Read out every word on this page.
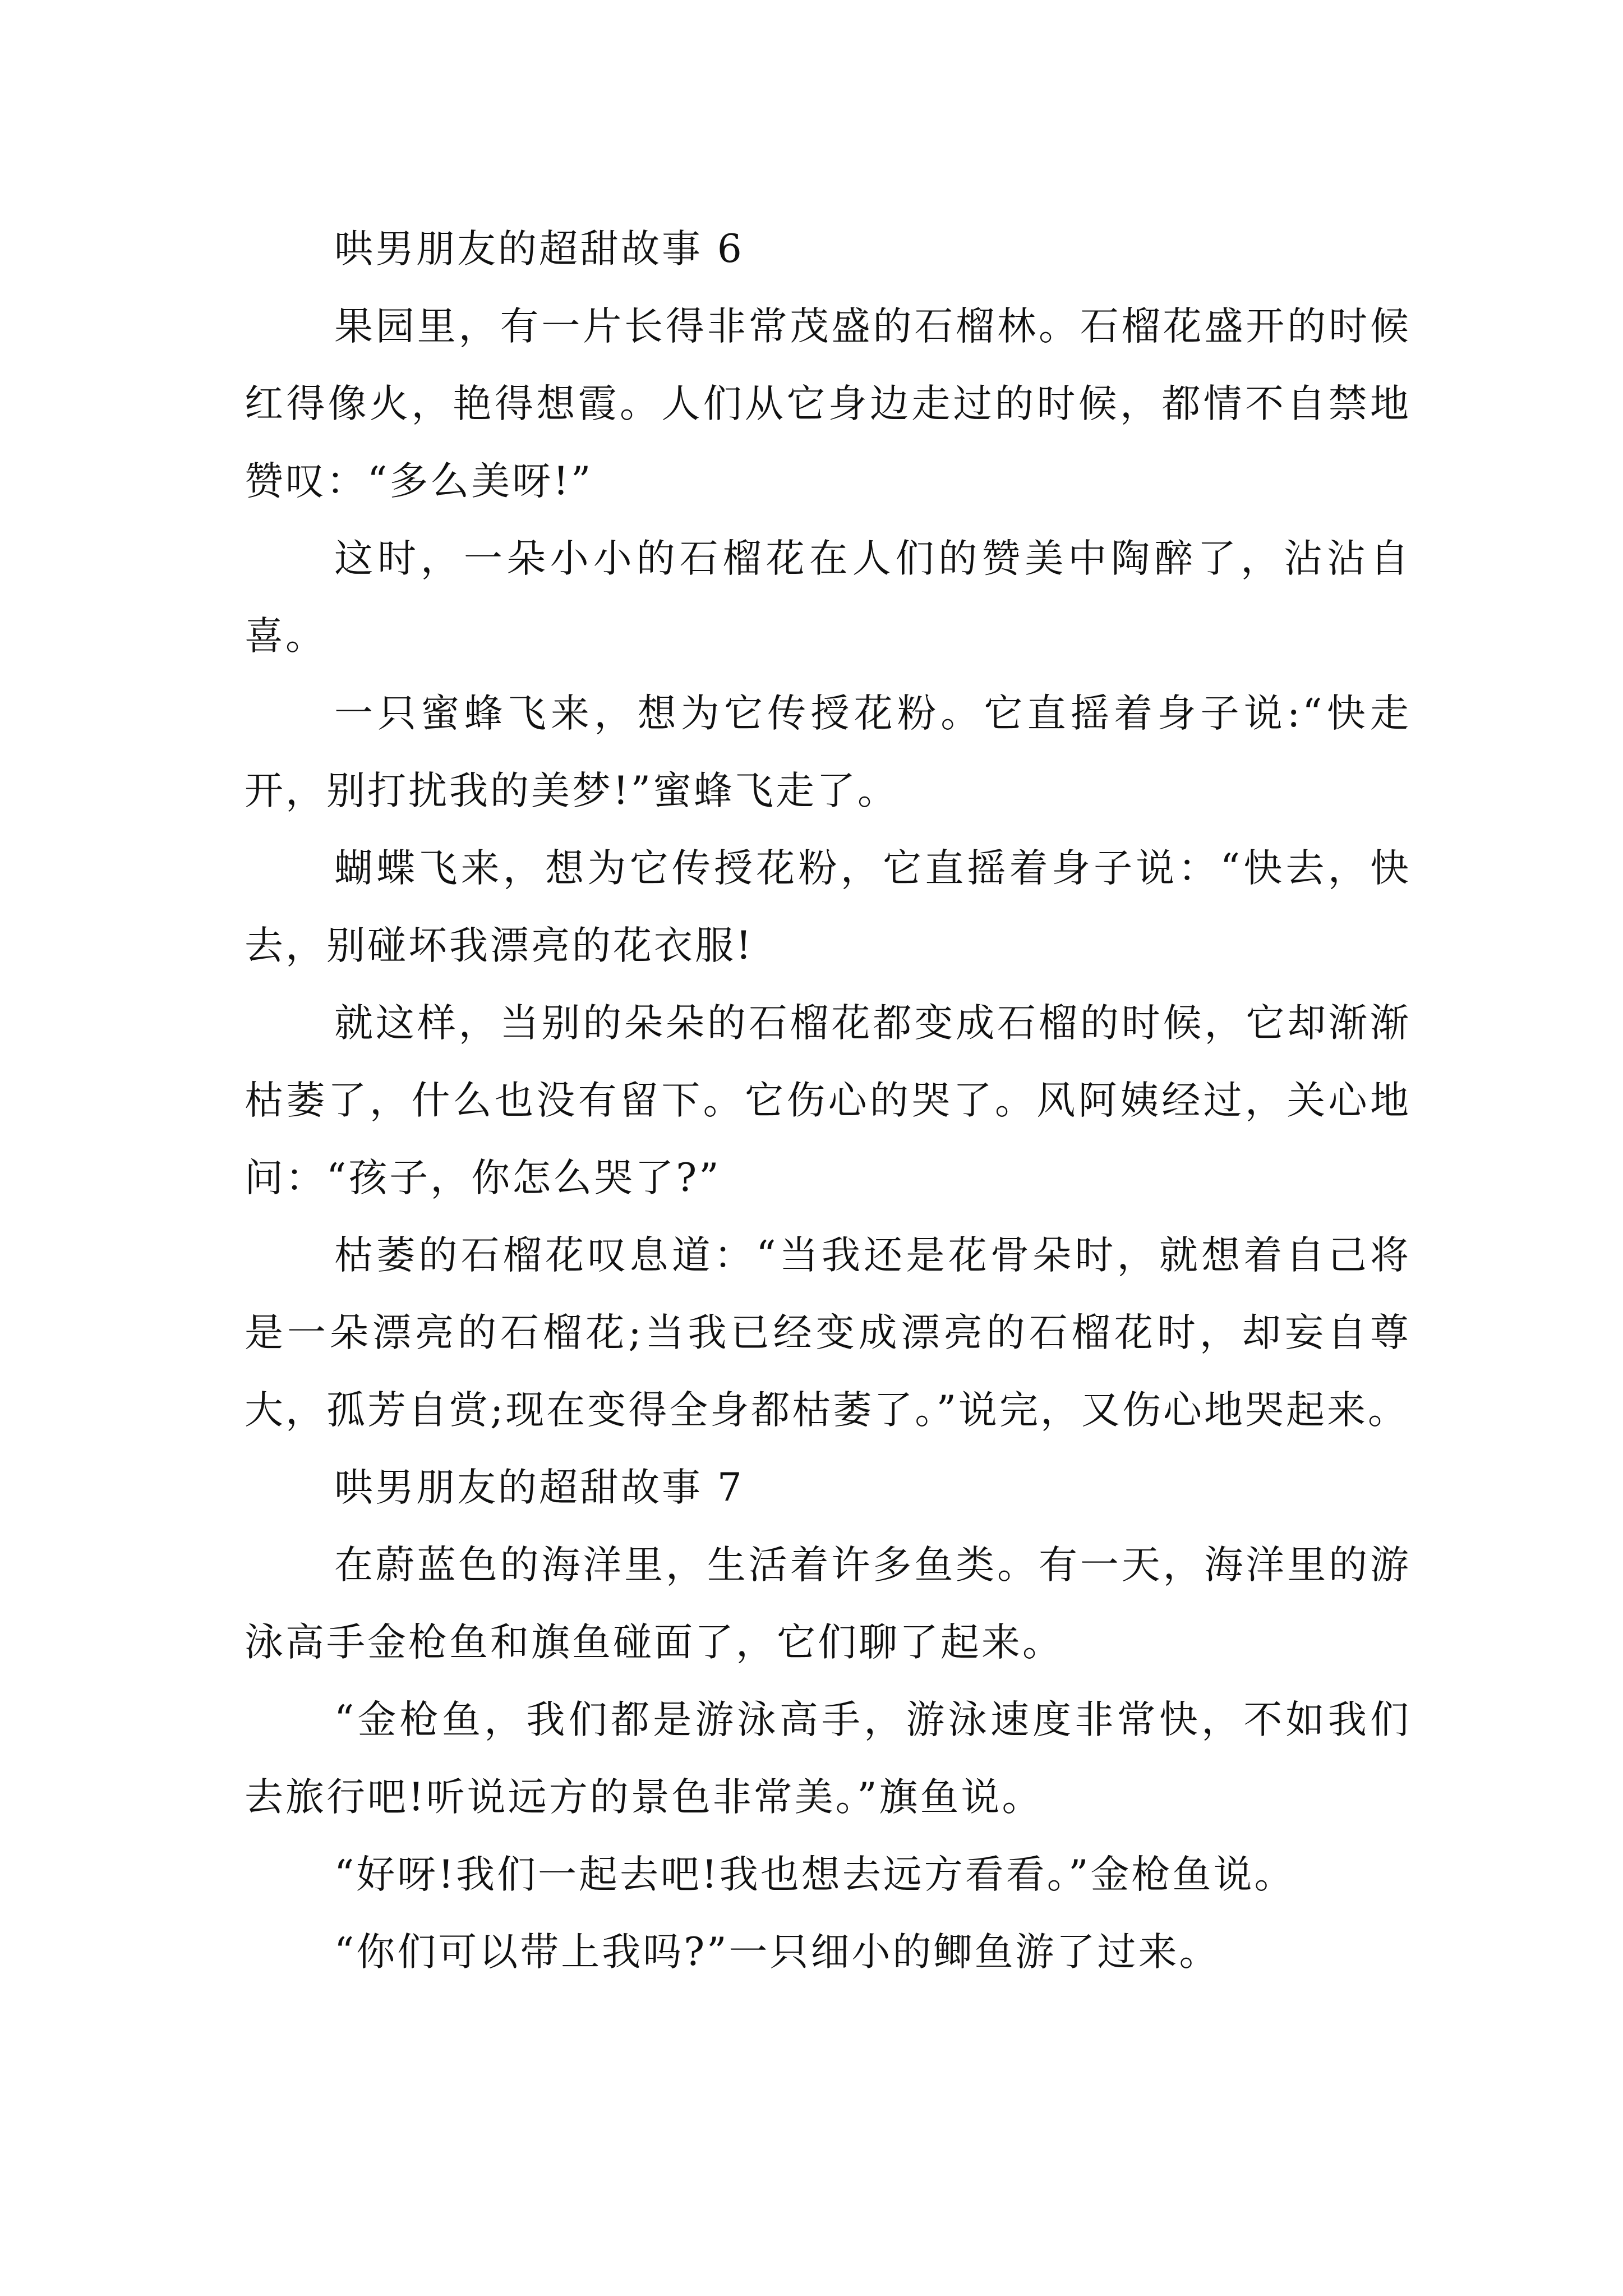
哄男朋友的超甜故事 6

果园里，有一片长得非常茂盛的石榴林。石榴花盛开的时候红得像火，艳得想霞。人们从它身边走过的时候，都情不自禁地赞叹：“多么美呀!”

这时，一朵小小的石榴花在人们的赞美中陶醉了，沾沾自喜。

一只蜜蜂飞来，想为它传授花粉。它直摇着身子说:“快走开，别打扰我的美梦!”蜜蜂飞走了。

蝴蝶飞来，想为它传授花粉，它直摇着身子说：“快去，快去，别碰坏我漂亮的花衣服!

就这样，当别的朵朵的石榴花都变成石榴的时候，它却渐渐枯萎了，什么也没有留下。它伤心的哭了。风阿姨经过，关心地问：“孩子，你怎么哭了?”

枯萎的石榴花叹息道：“当我还是花骨朵时，就想着自己将是一朵漂亮的石榴花;当我已经变成漂亮的石榴花时，却妄自尊大，孤芳自赏;现在变得全身都枯萎了。”说完，又伤心地哭起来。

哄男朋友的超甜故事 7

在蔚蓝色的海洋里，生活着许多鱼类。有一天，海洋里的游泳高手金枪鱼和旗鱼碰面了，它们聊了起来。

“金枪鱼，我们都是游泳高手，游泳速度非常快，不如我们去旅行吧!听说远方的景色非常美。”旗鱼说。

“好呀!我们一起去吧!我也想去远方看看。”金枪鱼说。

“你们可以带上我吗?”一只细小的鲫鱼游了过来。
